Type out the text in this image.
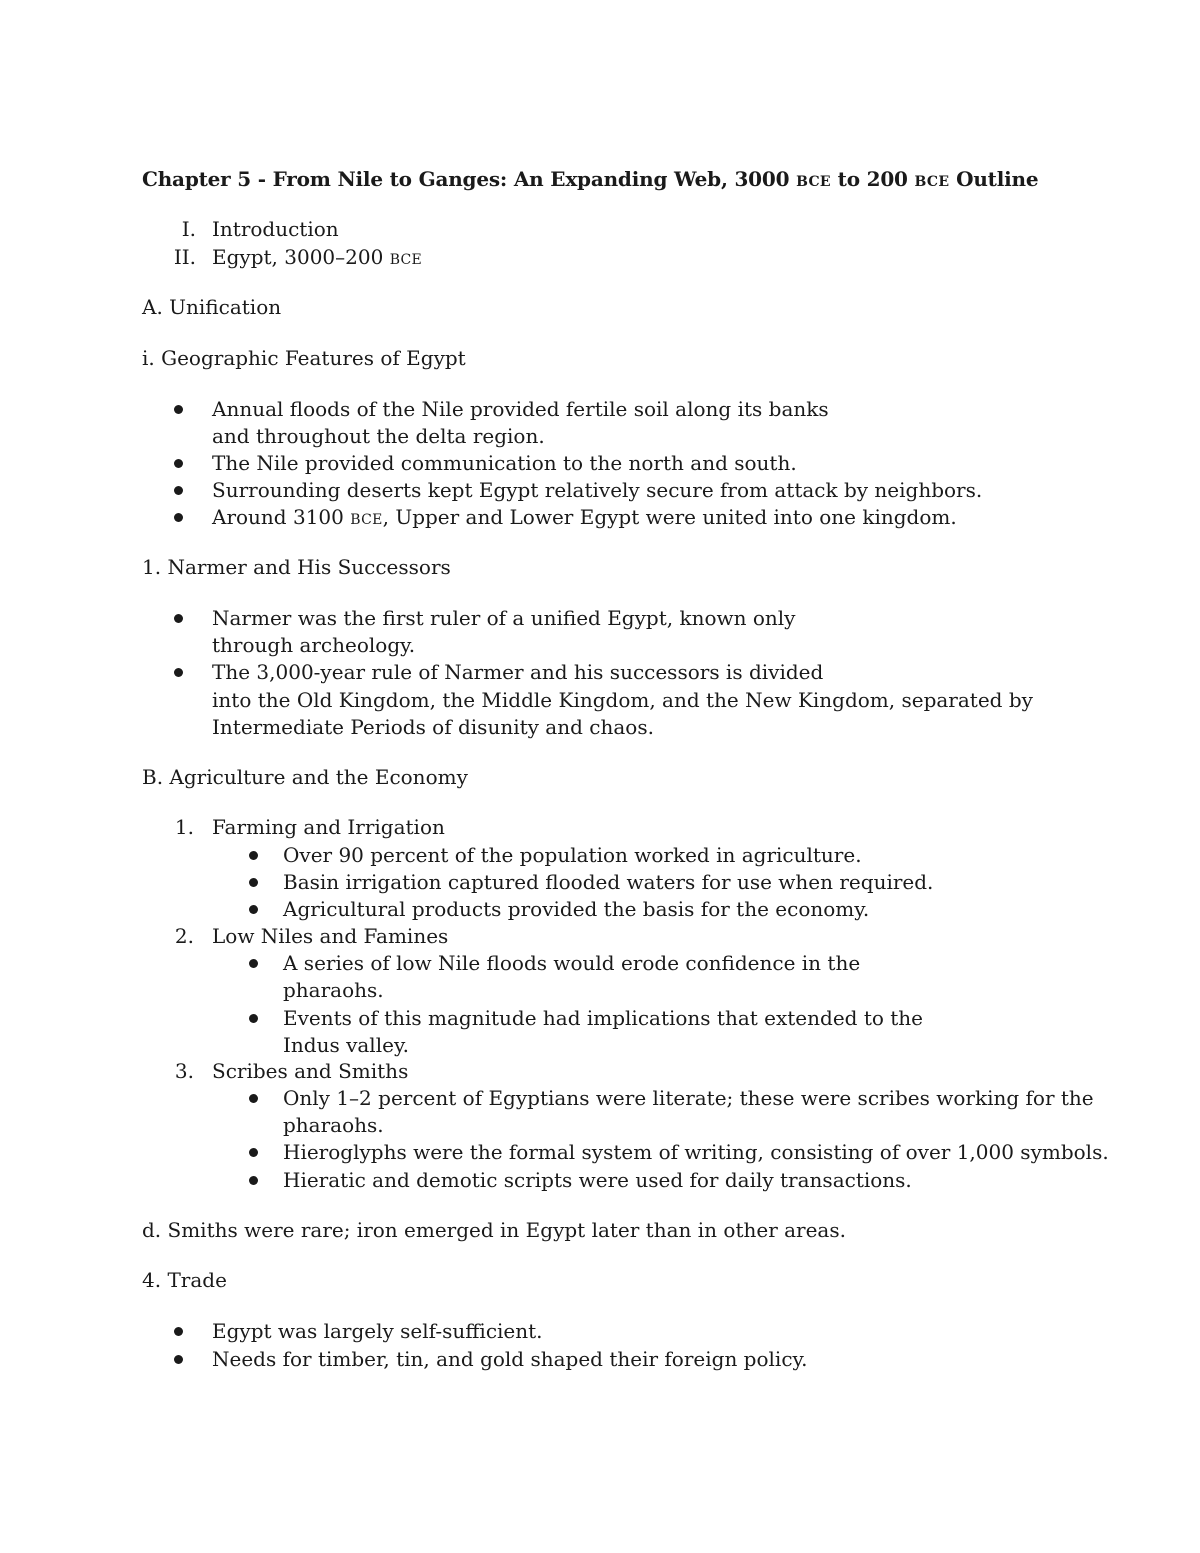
Chapter 5 - From Nile to Ganges: An Expanding Web, 3000 BCE to 200 BCE Outline
I. Introduction
II. Egypt, 3000–200 BCE
A. Unification
i. Geographic Features of Egypt
Annual floods of the Nile provided fertile soil along its banks
and throughout the delta region.
The Nile provided communication to the north and south.
Surrounding deserts kept Egypt relatively secure from attack by neighbors.
Around 3100 BCE, Upper and Lower Egypt were united into one kingdom.
1. Narmer and His Successors
Narmer was the first ruler of a unified Egypt, known only
through archeology.
The 3,000-year rule of Narmer and his successors is divided
into the Old Kingdom, the Middle Kingdom, and the New Kingdom, separated by
Intermediate Periods of disunity and chaos.
B. Agriculture and the Economy
1. Farming and Irrigation
Over 90 percent of the population worked in agriculture.
Basin irrigation captured flooded waters for use when required.
Agricultural products provided the basis for the economy.
2. Low Niles and Famines
A series of low Nile floods would erode confidence in the
pharaohs.
Events of this magnitude had implications that extended to the
Indus valley.
3. Scribes and Smiths
Only 1–2 percent of Egyptians were literate; these were scribes working for the
pharaohs.
Hieroglyphs were the formal system of writing, consisting of over 1,000 symbols.
Hieratic and demotic scripts were used for daily transactions.
d. Smiths were rare; iron emerged in Egypt later than in other areas.
4. Trade
Egypt was largely self-sufficient.
Needs for timber, tin, and gold shaped their foreign policy.
